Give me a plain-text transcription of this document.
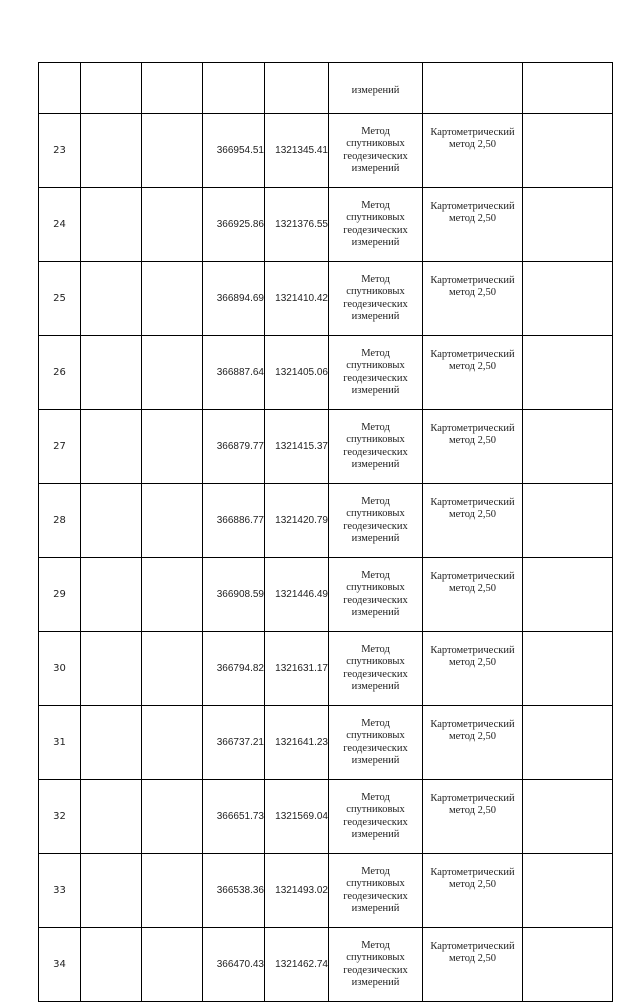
					измерений		
23			366954.51	1321345.41	Метод
спутниковых
геодезических
измерений	Картометрический
метод 2,50	

24			366925.86	1321376.55	Метод
спутниковых
геодезических
измерений	Картометрический
метод 2,50	

25			366894.69	1321410.42	Метод
спутниковых
геодезических
измерений	Картометрический
метод 2,50	

26			366887.64	1321405.06	Метод
спутниковых
геодезических
измерений	Картометрический
метод 2,50	

27			366879.77	1321415.37	Метод
спутниковых
геодезических
измерений	Картометрический
метод 2,50	

28			366886.77	1321420.79	Метод
спутниковых
геодезических
измерений	Картометрический
метод 2,50	

29			366908.59	1321446.49	Метод
спутниковых
геодезических
измерений	Картометрический
метод 2,50	

30			366794.82	1321631.17	Метод
спутниковых
геодезических
измерений	Картометрический
метод 2,50	

31			366737.21	1321641.23	Метод
спутниковых
геодезических
измерений	Картометрический
метод 2,50	

32			366651.73	1321569.04	Метод
спутниковых
геодезических
измерений	Картометрический
метод 2,50	

33			366538.36	1321493.02	Метод
спутниковых
геодезических
измерений	Картометрический
метод 2,50	

34			366470.43	1321462.74	Метод
спутниковых
геодезических
измерений	Картометрический
метод 2,50	
